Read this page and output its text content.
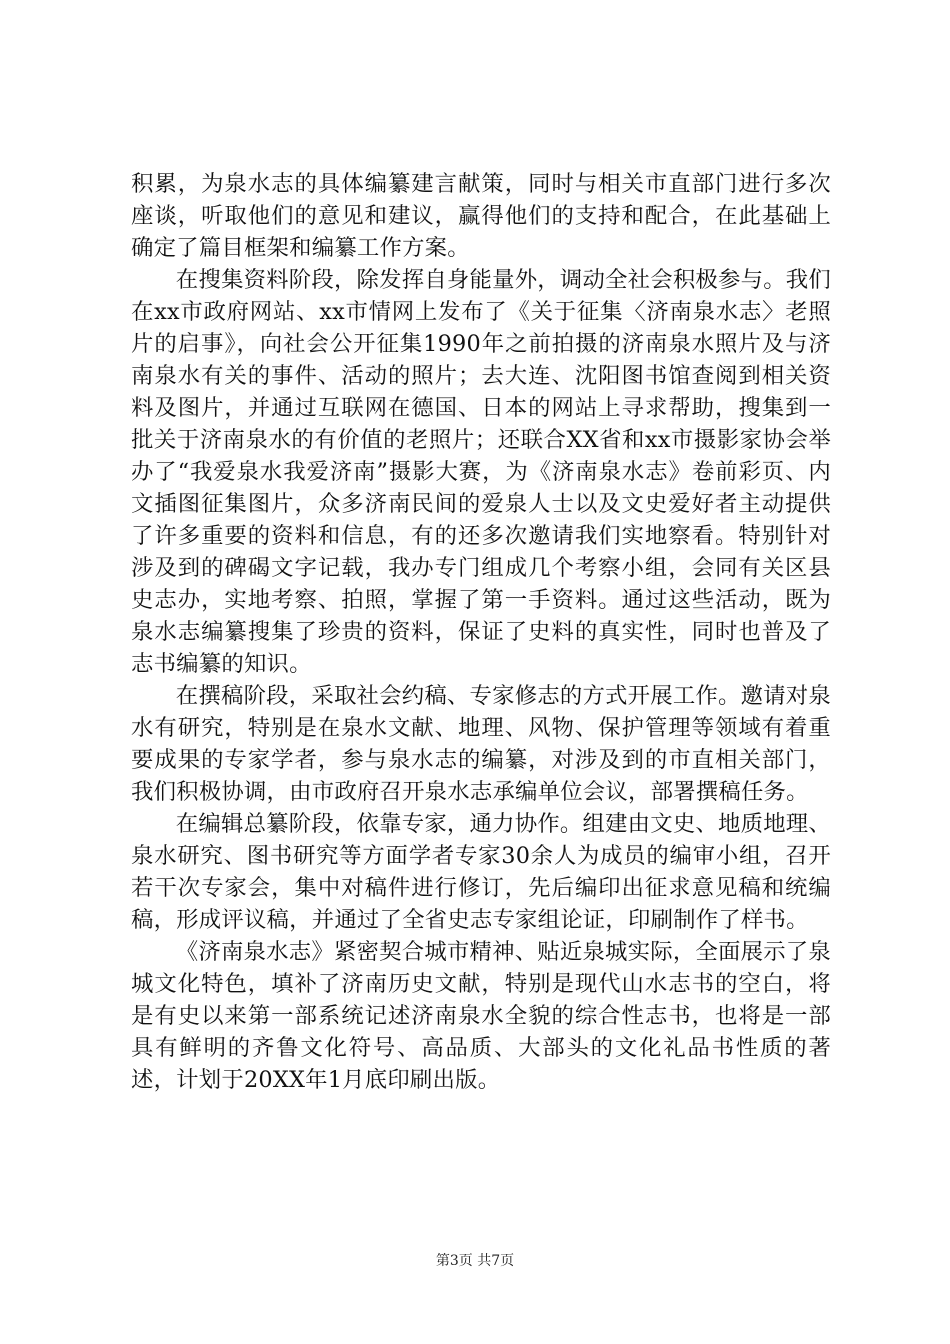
积累，为泉水志的具体编纂建言献策，同时与相关市直部门进行多次座谈，听取他们的意见和建议，赢得他们的支持和配合，在此基础上确定了篇目框架和编纂工作方案。

在搜集资料阶段，除发挥自身能量外，调动全社会积极参与。我们在xx市政府网站、xx市情网上发布了《关于征集〈济南泉水志〉老照片的启事》，向社会公开征集1990年之前拍摄的济南泉水照片及与济南泉水有关的事件、活动的照片；去大连、沈阳图书馆查阅到相关资料及图片，并通过互联网在德国、日本的网站上寻求帮助，搜集到一批关于济南泉水的有价值的老照片；还联合XX省和xx市摄影家协会举办了“我爱泉水我爱济南”摄影大赛，为《济南泉水志》卷前彩页、内文插图征集图片，众多济南民间的爱泉人士以及文史爱好者主动提供了许多重要的资料和信息，有的还多次邀请我们实地察看。特别针对涉及到的碑碣文字记载，我办专门组成几个考察小组，会同有关区县史志办，实地考察、拍照，掌握了第一手资料。通过这些活动，既为泉水志编纂搜集了珍贵的资料，保证了史料的真实性，同时也普及了志书编纂的知识。

在撰稿阶段，采取社会约稿、专家修志的方式开展工作。邀请对泉水有研究，特别是在泉水文献、地理、风物、保护管理等领域有着重要成果的专家学者，参与泉水志的编纂，对涉及到的市直相关部门，我们积极协调，由市政府召开泉水志承编单位会议，部署撰稿任务。

在编辑总纂阶段，依靠专家，通力协作。组建由文史、地质地理、泉水研究、图书研究等方面学者专家30余人为成员的编审小组，召开若干次专家会，集中对稿件进行修订，先后编印出征求意见稿和统编稿，形成评议稿，并通过了全省史志专家组论证，印刷制作了样书。

《济南泉水志》紧密契合城市精神、贴近泉城实际，全面展示了泉城文化特色，填补了济南历史文献，特别是现代山水志书的空白，将是有史以来第一部系统记述济南泉水全貌的综合性志书，也将是一部具有鲜明的齐鲁文化符号、高品质、大部头的文化礼品书性质的著述，计划于20XX年1月底印刷出版。

第3页 共7页
